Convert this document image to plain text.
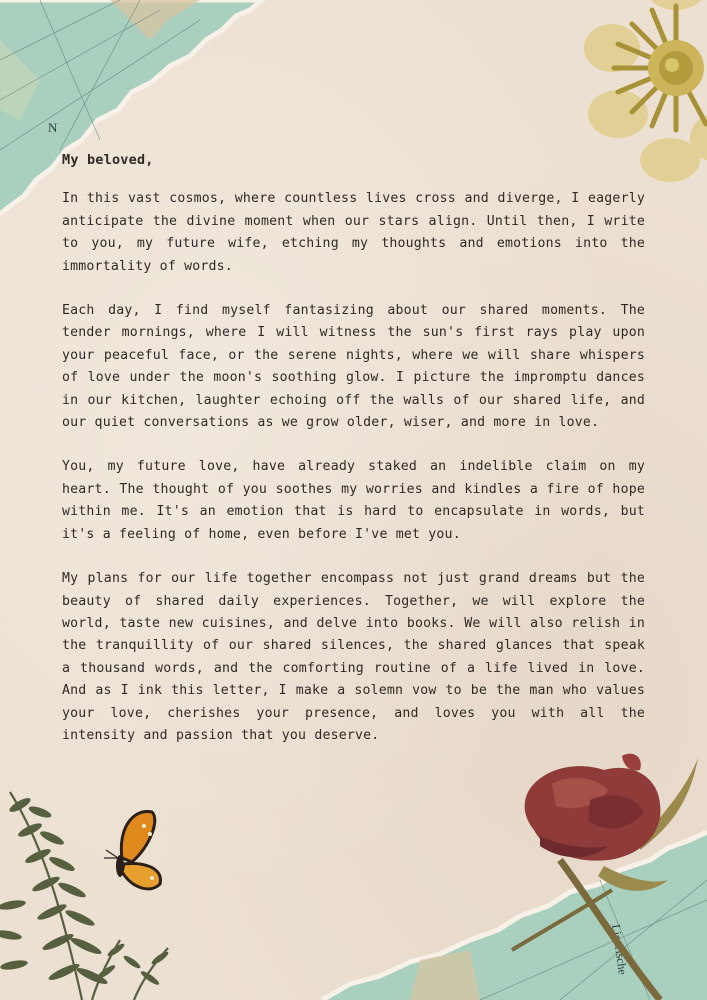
N
Liparische

My beloved,

In this vast cosmos, where countless lives cross and diverge, I eagerly anticipate the divine moment when our stars align. Until then, I write to you, my future wife, etching my thoughts and emotions into the immortality of words.

Each day, I find myself fantasizing about our shared moments. The tender mornings, where I will witness the sun's first rays play upon your peaceful face, or the serene nights, where we will share whispers of love under the moon's soothing glow. I picture the impromptu dances in our kitchen, laughter echoing off the walls of our shared life, and our quiet conversations as we grow older, wiser, and more in love.

You, my future love, have already staked an indelible claim on my heart. The thought of you soothes my worries and kindles a fire of hope within me. It's an emotion that is hard to encapsulate in words, but it's a feeling of home, even before I've met you.

My plans for our life together encompass not just grand dreams but the beauty of shared daily experiences. Together, we will explore the world, taste new cuisines, and delve into books. We will also relish in the tranquillity of our shared silences, the shared glances that speak a thousand words, and the comforting routine of a life lived in love. And as I ink this letter, I make a solemn vow to be the man who values your love, cherishes your presence, and loves you with all the intensity and passion that you deserve.
